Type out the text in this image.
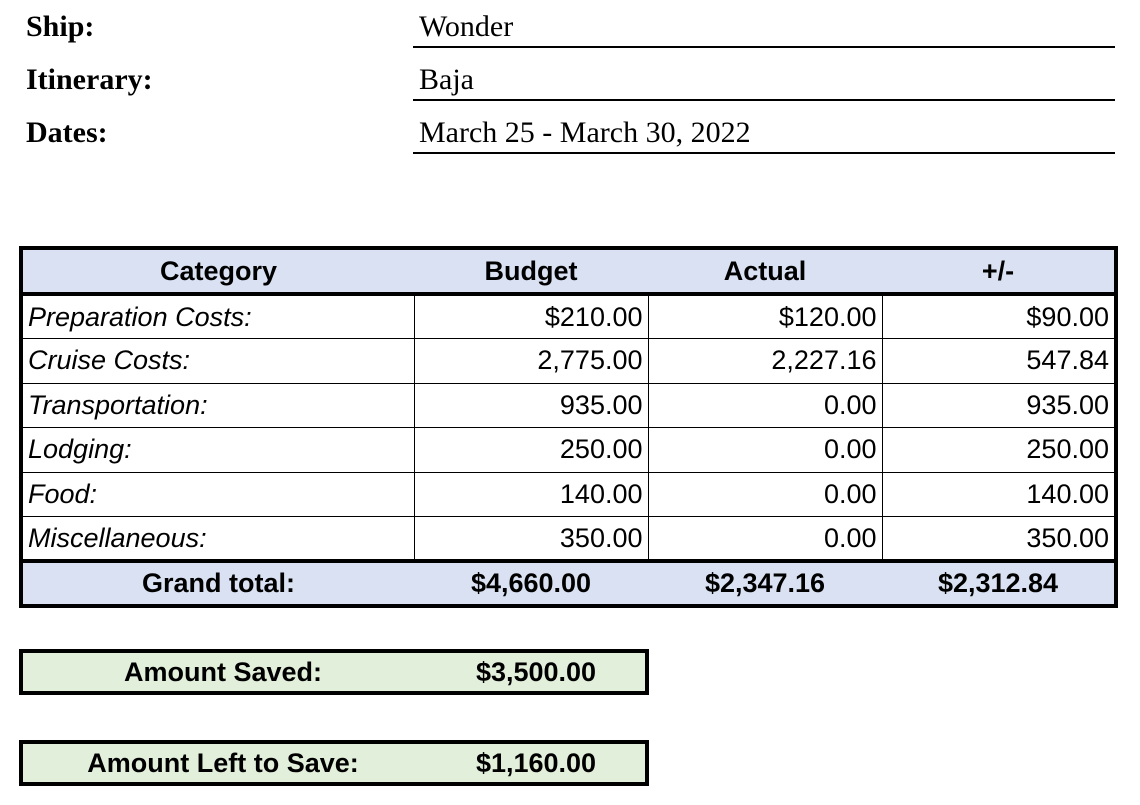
Ship:	Wonder
Itinerary:	Baja
Dates:	March 25 - March 30, 2022
Category	Budget	Actual	+/-
Preparation Costs:	$210.00	$120.00	$90.00
Cruise Costs:	2,775.00	2,227.16	547.84
Transportation:	935.00	0.00	935.00
Lodging:	250.00	0.00	250.00
Food:	140.00	0.00	140.00
Miscellaneous:	350.00	0.00	350.00
Grand total:	$4,660.00	$2,347.16	$2,312.84
Amount Saved:	$3,500.00
Amount Left to Save:	$1,160.00
